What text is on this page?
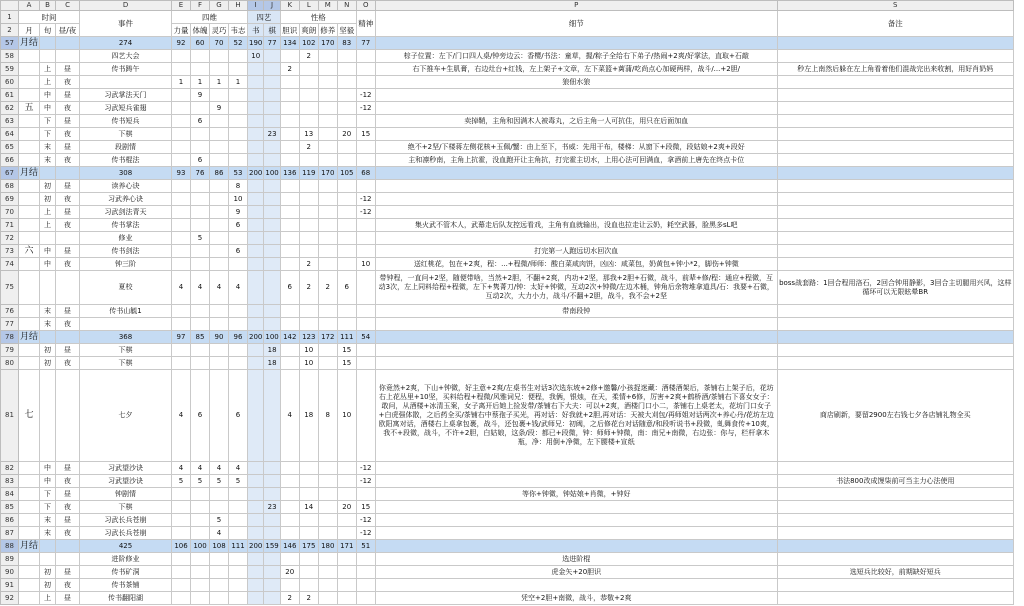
	A	B	C	D	E	F	G	H	I	J	K	L	M	N	O	P	S
1	时间			事件	四维				四艺		性格				精神	细节	备注
2	月	旬	昼/夜		力量	体魄	灵巧	韦志	书	棋	胆识	爽朗	修养	坚毅			
57	月结			274	92	60	70	52	190	77	134	102	170	83	77		
58				四艺大会					10			2				棕子位置：左下/门口四人桌/钟旁边云：香樱/书法：童草，握/粽子全给右下弟子/热闹+2爽/好掌法，直取+石敲	
59		上	昼	传书踌午							2					右下推车+生肌膏，右边灶台+红钱，左上架子+文章，左下菜篮+蓠蒲/吃尚点心加硬两样，战斗/...+2胆/	秒左上南然后躲在左上角看着他们混战完出来收割，用好肖奶妈
60		上	夜		1	1	1	1								狼佃水狼	
61		中	昼	习武掌法天门		9									-12		
62	五	中	夜	习武短兵雀翅			9								-12		
63		下	昼	传书短兵		6										卖掉鞘，主角和因满木人被毒丸，之后主角一人可抗住，用只在后面加血	
64		下	夜	下棋						23		13		20	15		
65		末	昼	段剧情								2				绝不+2坚/下楼蒋左侧花核+玉佩/蟹：由上至下，书威：先用干布，楼梯：从窗下+段微，段姑娘+2爽+段好	
66		末	夜	传书棍法		6										主和凛秒南，主角上抗霍，没血跑开让主角抗，打完霍主切水，上用心法可回满血，拿酒前上唐先在终点卡位	
67	月结			308	93	76	86	53	200	100	136	119	170	105	68		
68		初	昼	读养心诀				8									
69		初	夜	习武养心诀				10							-12		
70		上	昼	习武剑法青天				9							-12		
71		上	夜	传书掌法				6								集火武不管木人，武幕走后队友控远看戏，主角有血就输出，没血也拉走让云奶，耗空武器，脸黑多sL吧	
72				修业		5											
73	六	中	昼	传书剑法				6								打完第一人跑远切水回次血	
74		中	夜	钟三阶								2			10	送红桃花，包在+2爽，程：...+程微/师师：酸白菜咸肉饼，凶凶：咸菜包，奶黄包+钟小*2，脚伤+钟微	
75				夏校	4	4	4	4			6	2	2	6		带钟程，一直问+2坚，随便带啥，当然+2胆，不翻+2爽，内功+2坚，那我+2胆+石微，战斗，前辈+修/程：通应+程微，互动3次，左上同料给程+程微，左下+隽菁刀/钟：太好+钟微，互动2次+钟微/左边木桶，钟角后余物堆拿道具/石：我要+石微，互动2次，大力小力，战斗/不翻+2胆，战斗，我不会+2坚	boss战套路：1回合程用洛石，2回合钟用静影，3回合主切腿用兴风，这样循环可以无限眩晕BR
76		末	昼	传书山毓1												带南段钟	
77		末	夜														
78	月结			368	97	85	90	96	200	100	142	123	172	111	54		
79		初	昼	下棋						18		10		15			
80		初	夜	下棋						18		10		15			
81	七			七夕	4	6		6			4	18	8	10		你竟然+2爽，下山+钟微，好主意+2爽/左桌书生对话3次选东坡+2修+邀馨/小孩捉迷藏：酒楼酒架后，茶铺右上架子后，花坊右上花丛里+10坚，买料给程+程微/风雅词兄：便程，我俩，银烛，在天，柔情+6修，厉害+2爽+鹤桥酒/茶铺右下喜女女子：敢问，从酒楼+冰清玉案，女子离开后她上捡发带/茶铺右下大夫：可以+2爽，酒楼门口小二，茶铺右上桌老太，花坊门口女子+白虎强体散，之后药全买/茶铺右中蔡孢子买光，再对话：好我就+2胆,再对话：天被大刈包/再师姐对话两次+养心丹/花坊左边欧阳寓对话，酒楼右上桌拿包裹，战斗，还包裹+钱/武师兄：初阈，之后修花台对话随意/和段听说书+段微，虬舞食传+10爽，我不+段微，战斗，不许+2胆，白姑娘，这条/段：都已+段微，钟：师师+钟微，南：南兄+南微，右边张：你与，栏杆拿木瓶，净：用倒+净微，左下腰楼+宣纸	商店刷新，要留2900左右钱七夕各店铺礼物全买
82		中	昼	习武望沙诀	4	4	4	4							-12		
83		中	夜	习武望沙诀	5	5	5	5							-12		书法800改成馒柒前可当主力心法使用
84		下	昼	钟剧情												等你+钟微，钟姑娘+肖微，+钟好	
85		下	夜	下棋						23		14		20	15		
86		末	昼	习武长兵苍崩			5								-12		
87		末	夜	习武长兵苍崩			4								-12		
88	月结			425	106	100	108	111	200	159	146	175	180	171	51		
89				进阶修业												选进阶棍	
90		初	昼	传书矿洞							20					虎金矢+20胆识	选短兵比较好，前期缺好短兵
91		初	夜	传书茶铺													
92		上	昼	传书翻阳湖							2	2				凭空+2胆+南微，战斗，恭敬+2爽	
